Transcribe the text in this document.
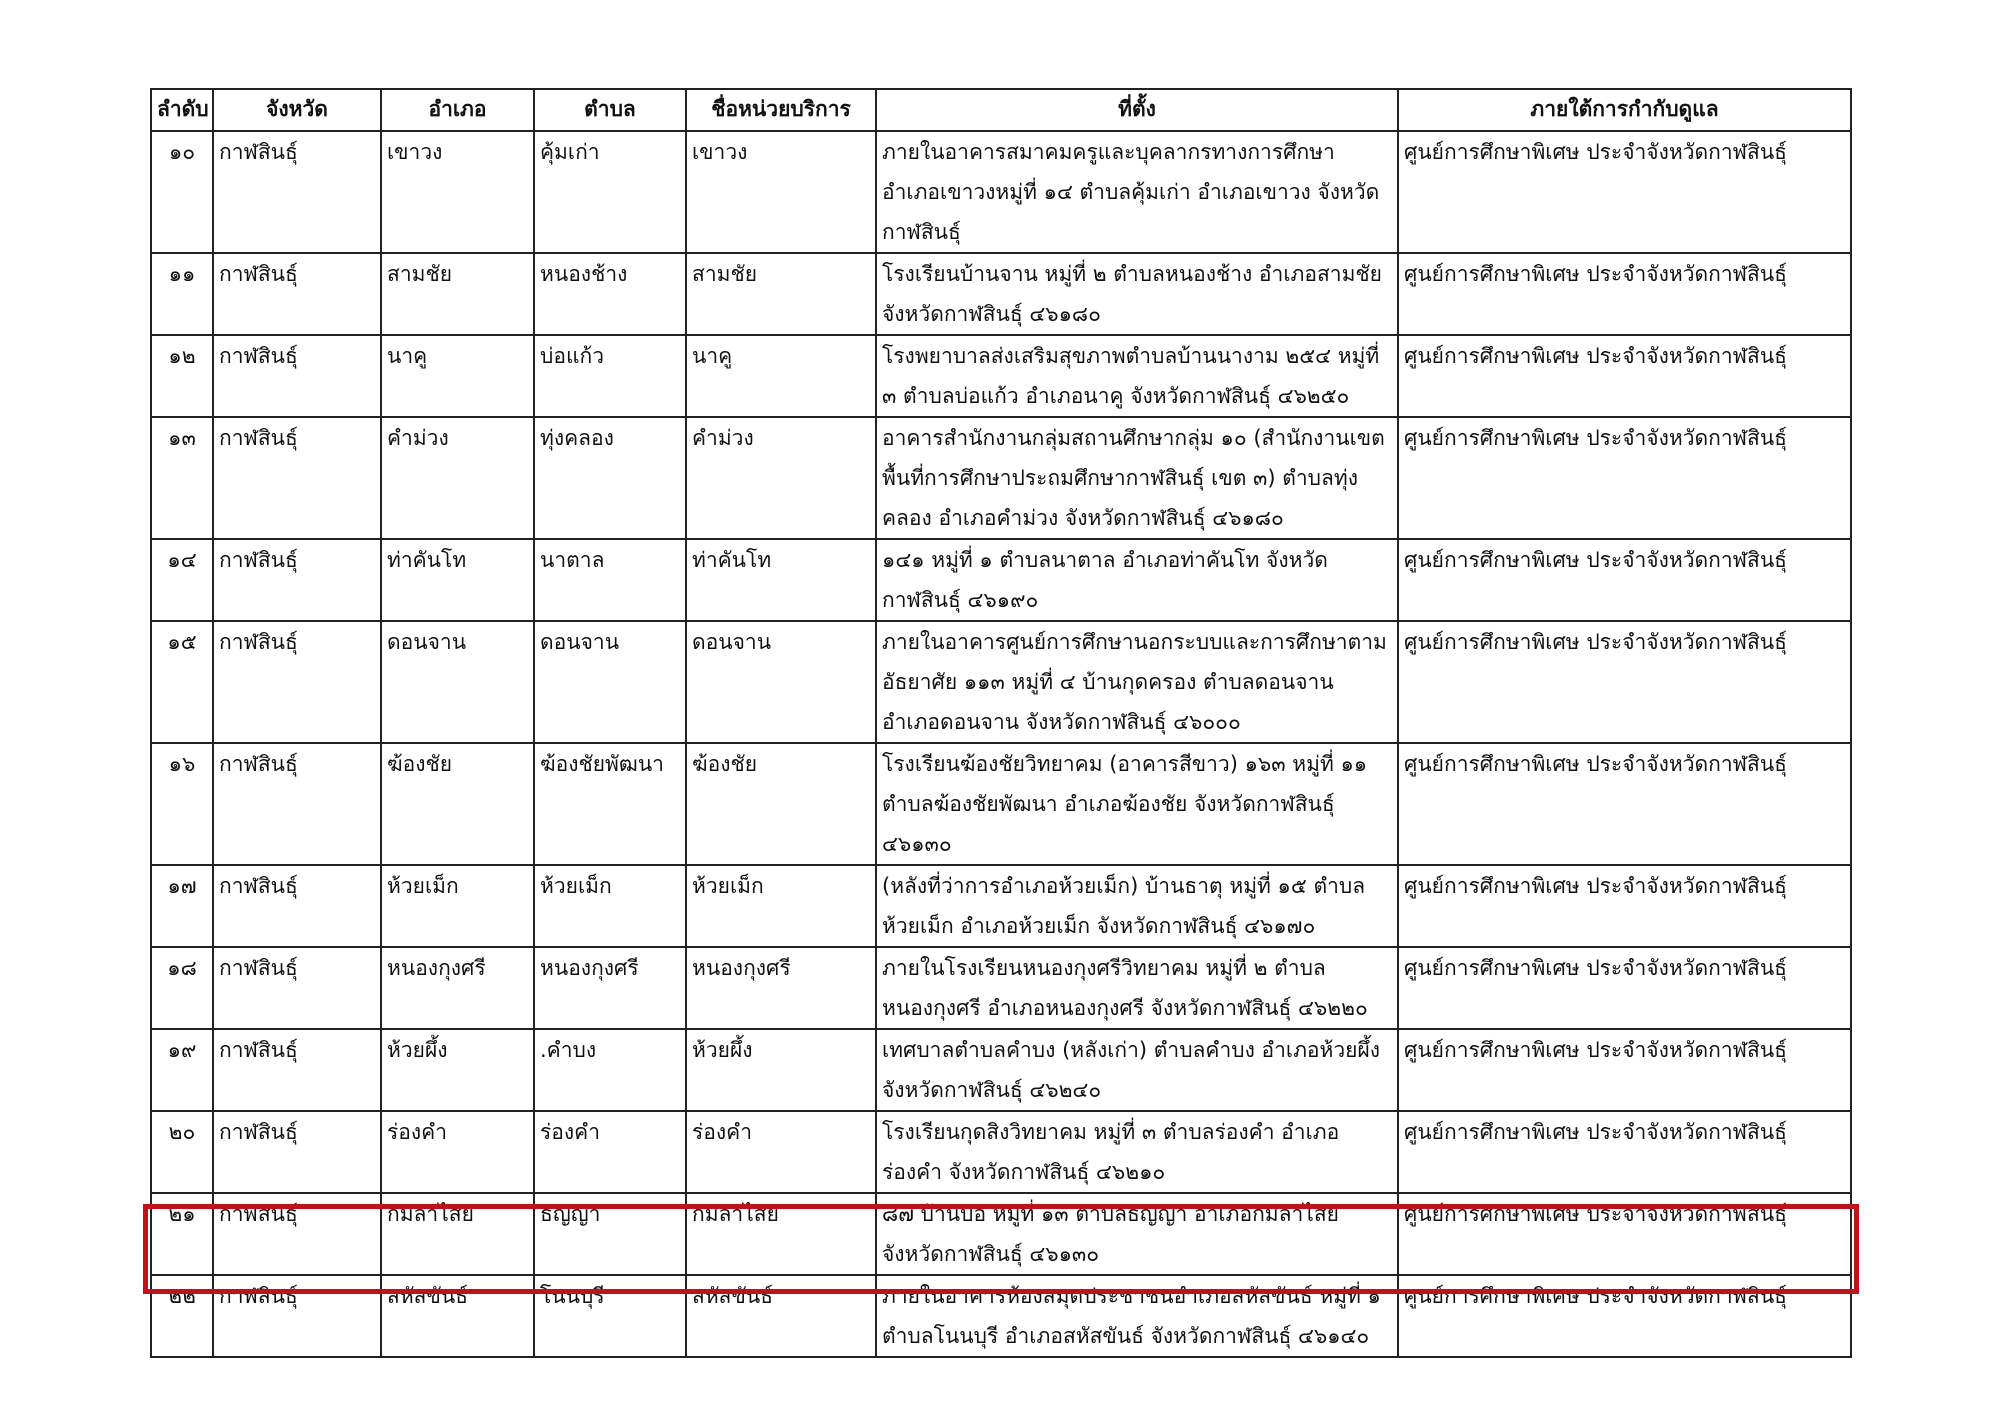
ลำดับ	จังหวัด	อำเภอ	ตำบล	ชื่อหน่วยบริการ	ที่ตั้ง	ภายใต้การกำกับดูแล
๑๐	กาฬสินธุ์	เขาวง	คุ้มเก่า	เขาวง	ภายในอาคารสมาคมครูและบุคลากรทางการศึกษาอำเภอเขาวงหมู่ที่ ๑๔ ตำบลคุ้มเก่า อำเภอเขาวง จังหวัดกาฬสินธุ์	ศูนย์การศึกษาพิเศษ ประจำจังหวัดกาฬสินธุ์
๑๑	กาฬสินธุ์	สามชัย	หนองช้าง	สามชัย	โรงเรียนบ้านจาน หมู่ที่ ๒ ตำบลหนองช้าง อำเภอสามชัย จังหวัดกาฬสินธุ์ ๔๖๑๘๐	ศูนย์การศึกษาพิเศษ ประจำจังหวัดกาฬสินธุ์
๑๒	กาฬสินธุ์	นาคู	บ่อแก้ว	นาคู	โรงพยาบาลส่งเสริมสุขภาพตำบลบ้านนางาม ๒๕๔ หมู่ที่ ๓ ตำบลบ่อแก้ว อำเภอนาคู จังหวัดกาฬสินธุ์ ๔๖๒๕๐	ศูนย์การศึกษาพิเศษ ประจำจังหวัดกาฬสินธุ์
๑๓	กาฬสินธุ์	คำม่วง	ทุ่งคลอง	คำม่วง	อาคารสำนักงานกลุ่มสถานศึกษากลุ่ม ๑๐ (สำนักงานเขตพื้นที่การศึกษาประถมศึกษากาฬสินธุ์ เขต ๓) ตำบลทุ่งคลอง อำเภอคำม่วง จังหวัดกาฬสินธุ์ ๔๖๑๘๐	ศูนย์การศึกษาพิเศษ ประจำจังหวัดกาฬสินธุ์
๑๔	กาฬสินธุ์	ท่าคันโท	นาตาล	ท่าคันโท	๑๔๑ หมู่ที่ ๑ ตำบลนาตาล อำเภอท่าคันโท จังหวัดกาฬสินธุ์ ๔๖๑๙๐	ศูนย์การศึกษาพิเศษ ประจำจังหวัดกาฬสินธุ์
๑๕	กาฬสินธุ์	ดอนจาน	ดอนจาน	ดอนจาน	ภายในอาคารศูนย์การศึกษานอกระบบและการศึกษาตามอัธยาศัย ๑๑๓ หมู่ที่ ๔ บ้านกุดครอง ตำบลดอนจาน อำเภอดอนจาน จังหวัดกาฬสินธุ์ ๔๖๐๐๐	ศูนย์การศึกษาพิเศษ ประจำจังหวัดกาฬสินธุ์
๑๖	กาฬสินธุ์	ฆ้องชัย	ฆ้องชัยพัฒนา	ฆ้องชัย	โรงเรียนฆ้องชัยวิทยาคม (อาคารสีขาว) ๑๖๓ หมู่ที่ ๑๑ ตำบลฆ้องชัยพัฒนา อำเภอฆ้องชัย จังหวัดกาฬสินธุ์ ๔๖๑๓๐	ศูนย์การศึกษาพิเศษ ประจำจังหวัดกาฬสินธุ์
๑๗	กาฬสินธุ์	ห้วยเม็ก	ห้วยเม็ก	ห้วยเม็ก	(หลังที่ว่าการอำเภอห้วยเม็ก) บ้านธาตุ หมู่ที่ ๑๕ ตำบลห้วยเม็ก อำเภอห้วยเม็ก จังหวัดกาฬสินธุ์ ๔๖๑๗๐	ศูนย์การศึกษาพิเศษ ประจำจังหวัดกาฬสินธุ์
๑๘	กาฬสินธุ์	หนองกุงศรี	หนองกุงศรี	หนองกุงศรี	ภายในโรงเรียนหนองกุงศรีวิทยาคม หมู่ที่ ๒ ตำบลหนองกุงศรี อำเภอหนองกุงศรี จังหวัดกาฬสินธุ์ ๔๖๒๒๐	ศูนย์การศึกษาพิเศษ ประจำจังหวัดกาฬสินธุ์
๑๙	กาฬสินธุ์	ห้วยผึ้ง	.คำบง	ห้วยผึ้ง	เทศบาลตำบลคำบง (หลังเก่า) ตำบลคำบง อำเภอห้วยผึ้ง จังหวัดกาฬสินธุ์ ๔๖๒๔๐	ศูนย์การศึกษาพิเศษ ประจำจังหวัดกาฬสินธุ์
๒๐	กาฬสินธุ์	ร่องคำ	ร่องคำ	ร่องคำ	โรงเรียนกุดสิงวิทยาคม หมู่ที่ ๓ ตำบลร่องคำ อำเภอร่องคำ จังหวัดกาฬสินธุ์ ๔๖๒๑๐	ศูนย์การศึกษาพิเศษ ประจำจังหวัดกาฬสินธุ์
๒๑	กาฬสินธุ์	กมลาไสย	ธัญญา	กมลาไสย	๘๗ บ้านบ่อ หมู่ที่ ๑๓ ตำบลธัญญา อำเภอกมลาไสย จังหวัดกาฬสินธุ์ ๔๖๑๓๐	ศูนย์การศึกษาพิเศษ ประจำจังหวัดกาฬสินธุ์
๒๒	กาฬสินธุ์	สหัสขันธ์	โนนบุรี	สหัสขันธ์	ภายในอาคารห้องสมุดประชาชนอำเภอสหัสขันธ์ หมู่ที่ ๑ ตำบลโนนบุรี อำเภอสหัสขันธ์ จังหวัดกาฬสินธุ์ ๔๖๑๔๐	ศูนย์การศึกษาพิเศษ ประจำจังหวัดกาฬสินธุ์
